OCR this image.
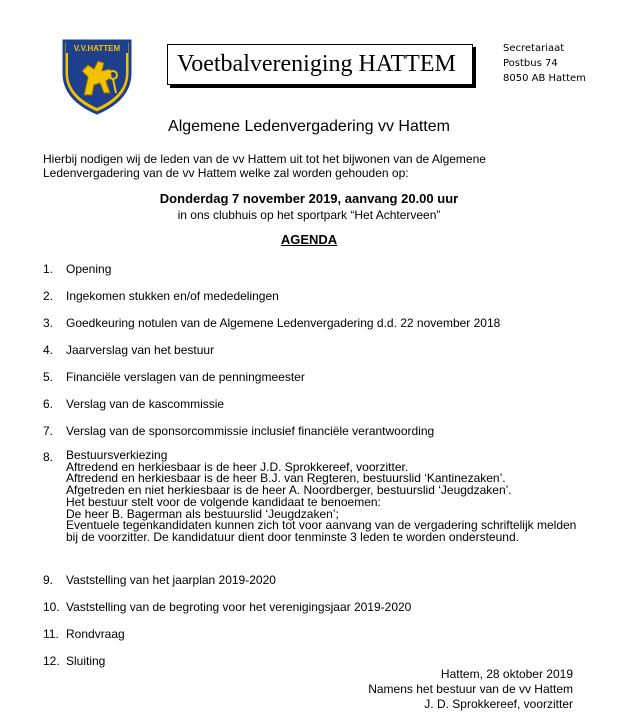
V.V.HATTEM
Voetbalvereniging HATTEM
Secretariaat
Postbus 74
8050 AB Hattem
Algemene Ledenvergadering vv Hattem
Hierbij nodigen wij de leden van de vv Hattem uit tot het bijwonen van de Algemene
Ledenvergadering van de vv Hattem welke zal worden gehouden op:
Donderdag 7 november 2019, aanvang 20.00 uur
in ons clubhuis op het sportpark “Het Achterveen”
AGENDA
1. Opening
2. Ingekomen stukken en/of mededelingen
3. Goedkeuring notulen van de Algemene Ledenvergadering d.d. 22 november 2018
4. Jaarverslag van het bestuur
5. Financiële verslagen van de penningmeester
6. Verslag van de kascommissie
7. Verslag van de sponsorcommissie inclusief financiële verantwoording
8. Bestuursverkiezing
Aftredend en herkiesbaar is de heer J.D. Sprokkereef, voorzitter.
Aftredend en herkiesbaar is de heer B.J. van Regteren, bestuurslid ‘Kantinezaken’.
Afgetreden en niet herkiesbaar is de heer A. Noordberger, bestuurslid ‘Jeugdzaken’.
Het bestuur stelt voor de volgende kandidaat te benoemen:
De heer B. Bagerman als bestuurslid ‘Jeugdzaken’;
Eventuele tegenkandidaten kunnen zich tot voor aanvang van de vergadering schriftelijk melden
bij de voorzitter. De kandidatuur dient door tenminste 3 leden te worden ondersteund.
9. Vaststelling van het jaarplan 2019-2020
10. Vaststelling van de begroting voor het verenigingsjaar 2019-2020
11. Rondvraag
12. Sluiting
Hattem, 28 oktober 2019
Namens het bestuur van de vv Hattem
J. D. Sprokkereef, voorzitter
